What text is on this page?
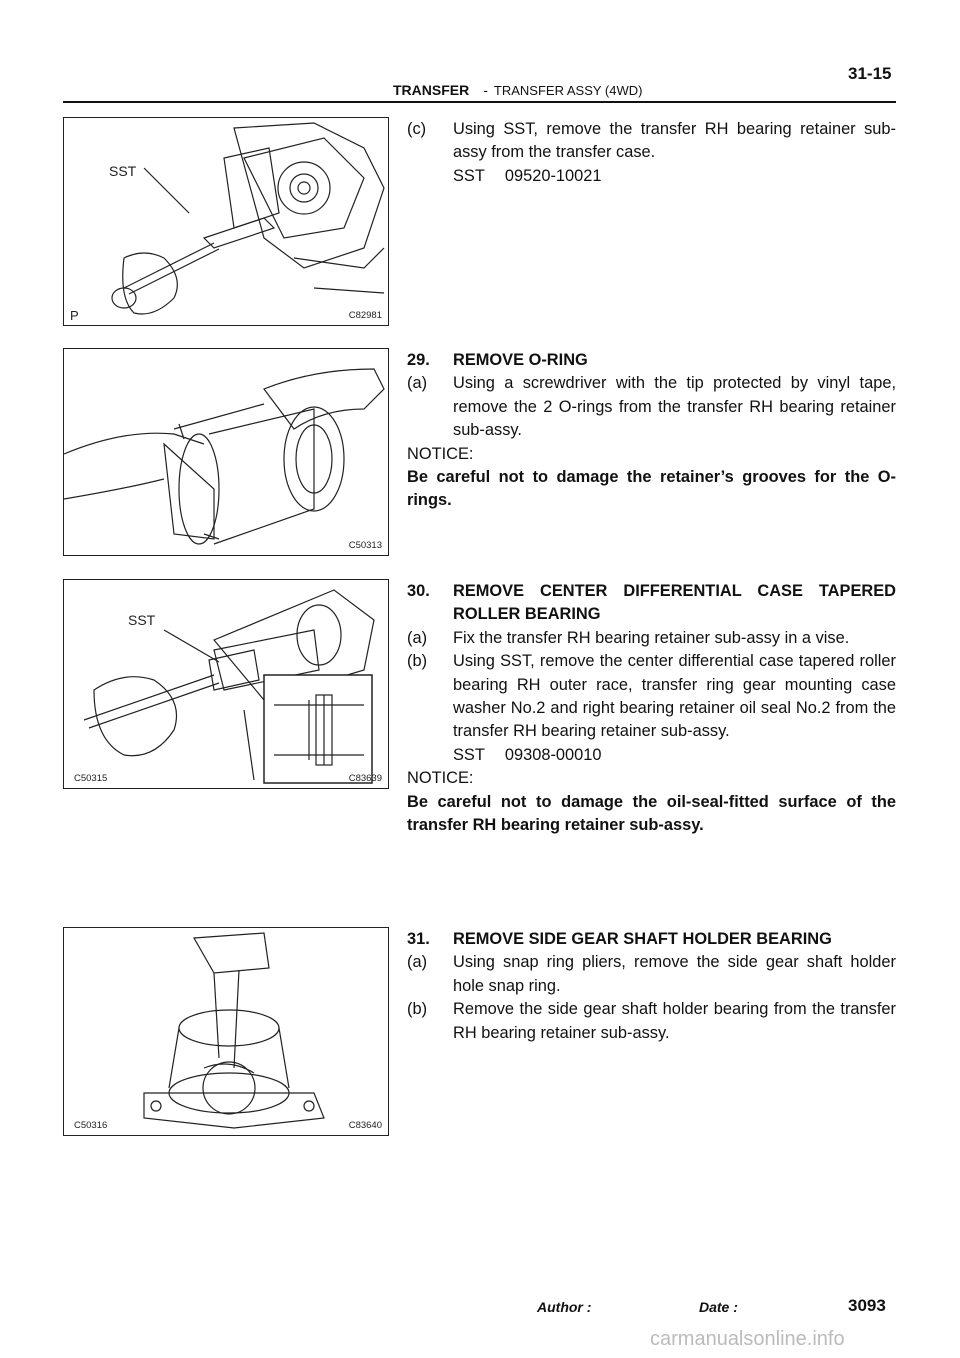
31-15
TRANSFER - TRANSFER ASSY (4WD)
SST
P	C82981
C50313
SST
C50315	C83639
C50316	C83640
(c) Using SST, remove the transfer RH bearing retainer sub-assy from the transfer case.
SST 09520-10021
29. REMOVE O-RING
(a) Using a screwdriver with the tip protected by vinyl tape, remove the 2 O-rings from the transfer RH bearing retainer sub-assy.
NOTICE:
Be careful not to damage the retainer’s grooves for the O-rings.
30. REMOVE CENTER DIFFERENTIAL CASE TAPERED ROLLER BEARING
(a) Fix the transfer RH bearing retainer sub-assy in a vise.
(b) Using SST, remove the center differential case tapered roller bearing RH outer race, transfer ring gear mounting case washer No.2 and right bearing retainer oil seal No.2 from the transfer RH bearing retainer sub-assy.
SST 09308-00010
NOTICE:
Be careful not to damage the oil-seal-fitted surface of the transfer RH bearing retainer sub-assy.
31. REMOVE SIDE GEAR SHAFT HOLDER BEARING
(a) Using snap ring pliers, remove the side gear shaft holder hole snap ring.
(b) Remove the side gear shaft holder bearing from the transfer RH bearing retainer sub-assy.
3093
Author :	Date :
carmanualsonline.info
